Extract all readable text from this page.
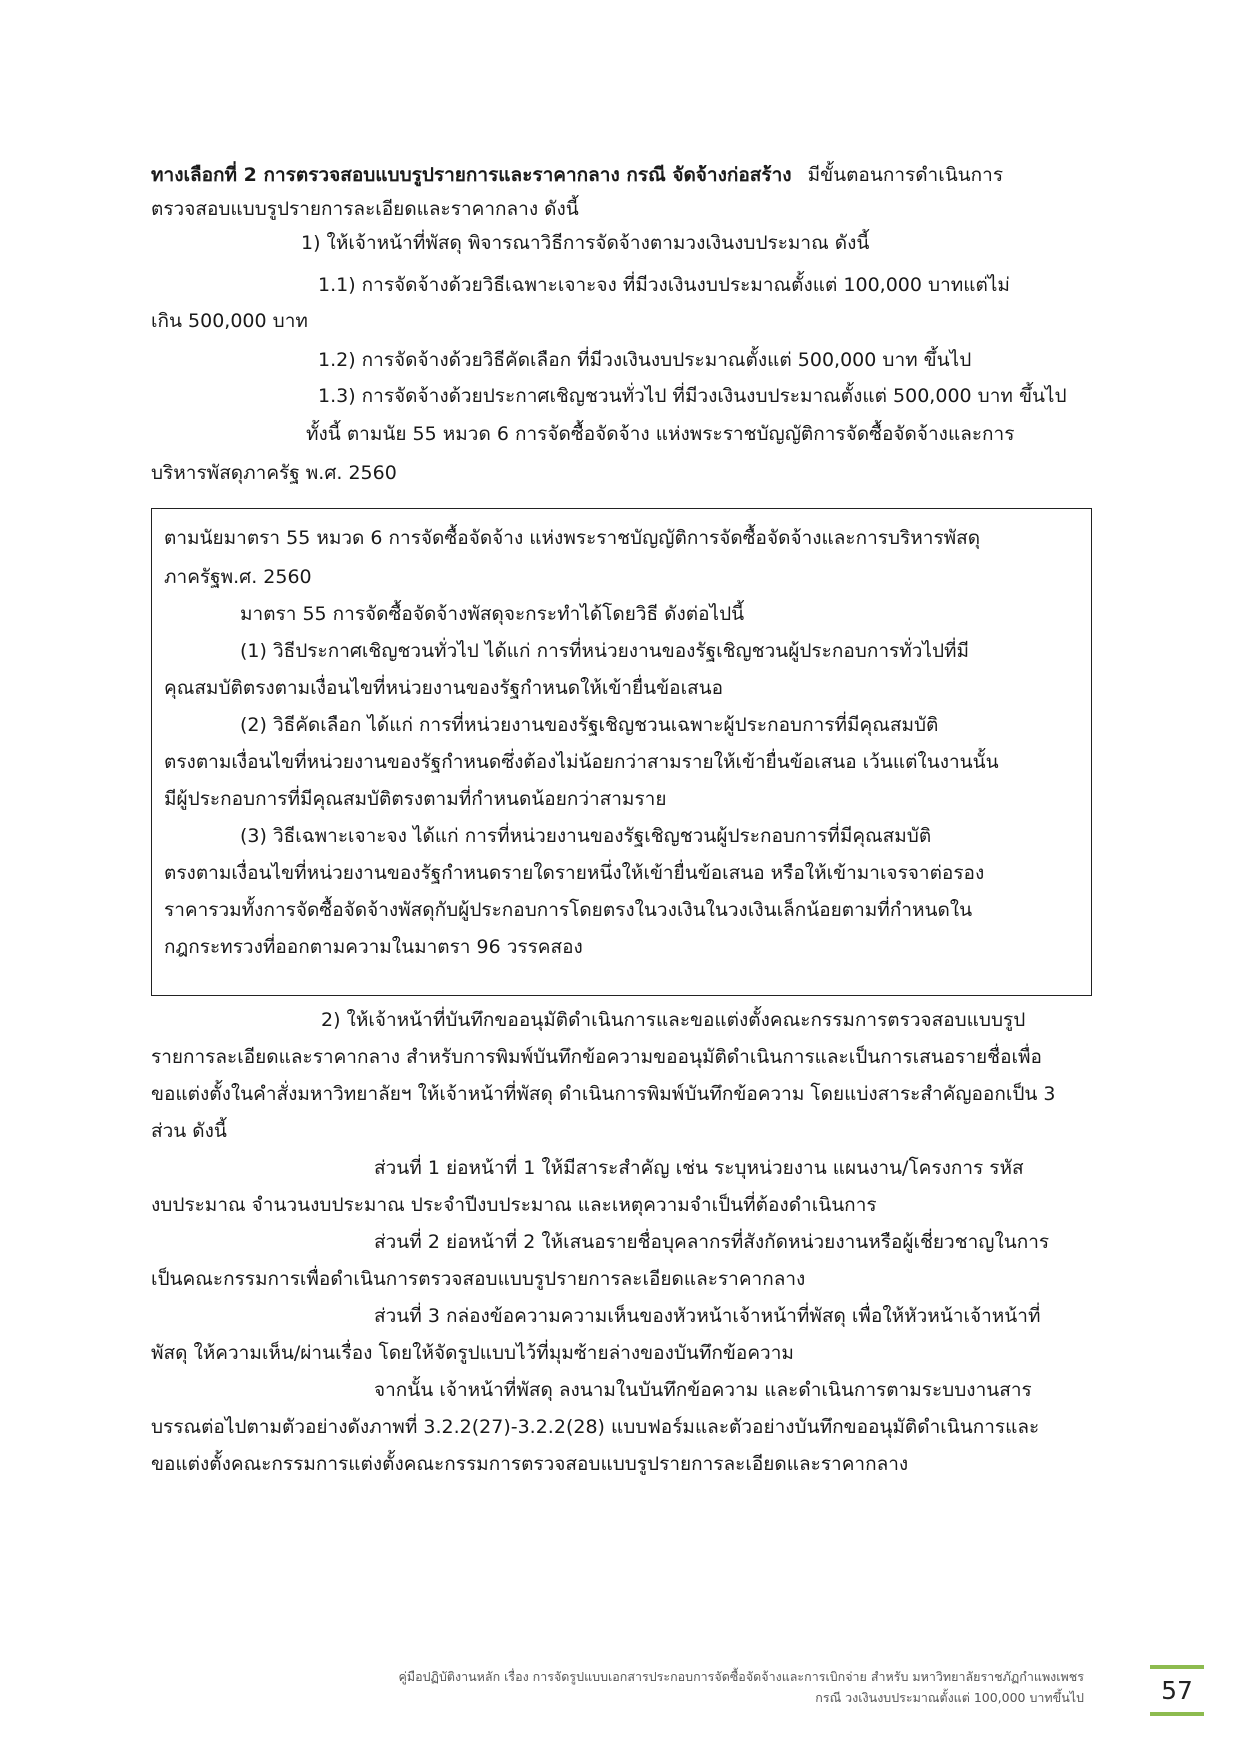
ทางเลือกที่ 2 การตรวจสอบแบบรูปรายการและราคากลาง กรณี จัดจ้างก่อสร้าง มีขั้นตอนการดำเนินการ
ตรวจสอบแบบรูปรายการละเอียดและราคากลาง ดังนี้
1) ให้เจ้าหน้าที่พัสดุ พิจารณาวิธีการจัดจ้างตามวงเงินงบประมาณ ดังนี้
1.1) การจัดจ้างด้วยวิธีเฉพาะเจาะจง ที่มีวงเงินงบประมาณตั้งแต่ 100,000 บาทแต่ไม่
เกิน 500,000 บาท
1.2) การจัดจ้างด้วยวิธีคัดเลือก ที่มีวงเงินงบประมาณตั้งแต่ 500,000 บาท ขึ้นไป
1.3) การจัดจ้างด้วยประกาศเชิญชวนทั่วไป ที่มีวงเงินงบประมาณตั้งแต่ 500,000 บาท ขึ้นไป
ทั้งนี้ ตามนัย 55 หมวด 6 การจัดซื้อจัดจ้าง แห่งพระราชบัญญัติการจัดซื้อจัดจ้างและการ
บริหารพัสดุภาครัฐ พ.ศ. 2560
ตามนัยมาตรา 55 หมวด 6 การจัดซื้อจัดจ้าง แห่งพระราชบัญญัติการจัดซื้อจัดจ้างและการบริหารพัสดุ
ภาครัฐพ.ศ. 2560
มาตรา 55 การจัดซื้อจัดจ้างพัสดุจะกระทำได้โดยวิธี ดังต่อไปนี้
(1) วิธีประกาศเชิญชวนทั่วไป ได้แก่ การที่หน่วยงานของรัฐเชิญชวนผู้ประกอบการทั่วไปที่มี
คุณสมบัติตรงตามเงื่อนไขที่หน่วยงานของรัฐกำหนดให้เข้ายื่นข้อเสนอ
(2) วิธีคัดเลือก ได้แก่ การที่หน่วยงานของรัฐเชิญชวนเฉพาะผู้ประกอบการที่มีคุณสมบัติ
ตรงตามเงื่อนไขที่หน่วยงานของรัฐกำหนดซึ่งต้องไม่น้อยกว่าสามรายให้เข้ายื่นข้อเสนอ เว้นแต่ในงานนั้น
มีผู้ประกอบการที่มีคุณสมบัติตรงตามที่กำหนดน้อยกว่าสามราย
(3) วิธีเฉพาะเจาะจง ได้แก่ การที่หน่วยงานของรัฐเชิญชวนผู้ประกอบการที่มีคุณสมบัติ
ตรงตามเงื่อนไขที่หน่วยงานของรัฐกำหนดรายใดรายหนึ่งให้เข้ายื่นข้อเสนอ หรือให้เข้ามาเจรจาต่อรอง
ราคารวมทั้งการจัดซื้อจัดจ้างพัสดุกับผู้ประกอบการโดยตรงในวงเงินในวงเงินเล็กน้อยตามที่กำหนดใน
กฎกระทรวงที่ออกตามความในมาตรา 96 วรรคสอง
2) ให้เจ้าหน้าที่บันทึกขออนุมัติดำเนินการและขอแต่งตั้งคณะกรรมการตรวจสอบแบบรูป
รายการละเอียดและราคากลาง สำหรับการพิมพ์บันทึกข้อความขออนุมัติดำเนินการและเป็นการเสนอรายชื่อเพื่อ
ขอแต่งตั้งในคำสั่งมหาวิทยาลัยฯ ให้เจ้าหน้าที่พัสดุ ดำเนินการพิมพ์บันทึกข้อความ โดยแบ่งสาระสำคัญออกเป็น 3
ส่วน ดังนี้
ส่วนที่ 1 ย่อหน้าที่ 1 ให้มีสาระสำคัญ เช่น ระบุหน่วยงาน แผนงาน/โครงการ รหัส
งบประมาณ จำนวนงบประมาณ ประจำปีงบประมาณ และเหตุความจำเป็นที่ต้องดำเนินการ
ส่วนที่ 2 ย่อหน้าที่ 2 ให้เสนอรายชื่อบุคลากรที่สังกัดหน่วยงานหรือผู้เชี่ยวชาญในการ
เป็นคณะกรรมการเพื่อดำเนินการตรวจสอบแบบรูปรายการละเอียดและราคากลาง
ส่วนที่ 3 กล่องข้อความความเห็นของหัวหน้าเจ้าหน้าที่พัสดุ เพื่อให้หัวหน้าเจ้าหน้าที่
พัสดุ ให้ความเห็น/ผ่านเรื่อง โดยให้จัดรูปแบบไว้ที่มุมซ้ายล่างของบันทึกข้อความ
จากนั้น เจ้าหน้าที่พัสดุ ลงนามในบันทึกข้อความ และดำเนินการตามระบบงานสาร
บรรณต่อไปตามตัวอย่างดังภาพที่ 3.2.2(27)-3.2.2(28) แบบฟอร์มและตัวอย่างบันทึกขออนุมัติดำเนินการและ
ขอแต่งตั้งคณะกรรมการแต่งตั้งคณะกรรมการตรวจสอบแบบรูปรายการละเอียดและราคากลาง
คู่มือปฏิบัติงานหลัก เรื่อง การจัดรูปแบบเอกสารประกอบการจัดซื้อจัดจ้างและการเบิกจ่าย สำหรับ มหาวิทยาลัยราชภัฏกำแพงเพชร
กรณี วงเงินงบประมาณตั้งแต่ 100,000 บาทขึ้นไป	57
